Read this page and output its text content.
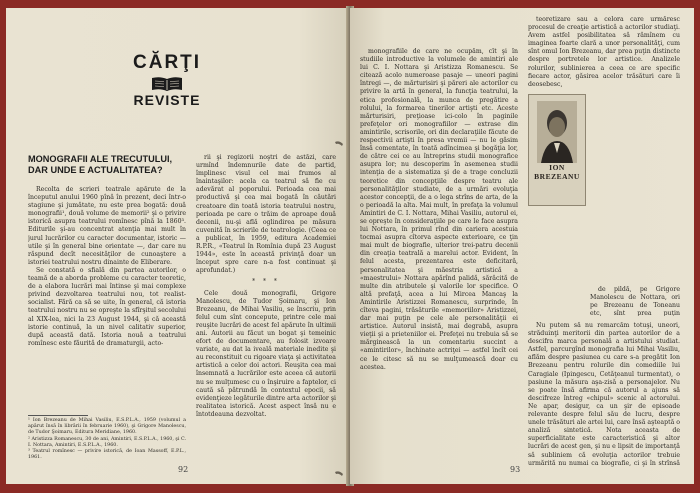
CĂRŢI
REVISTE
MONOGRAFII ALE TRECUTULUI, DAR UNDE E ACTUALITATEA?

Recolta de scrieri teatrale apărute de la începutul anului 1960 pînă în prezent, deci într-o stagiune şi jumătate, nu este prea bogată: două monografii¹, două volume de memorii² şi o privire istorică asupra teatrului romînesc pînă la 1860³. Editurile şi-au concentrat atenţia mai mult în jurul lucrărilor cu caracter documentar, istoric — utile şi în general bine orientate —, dar care nu răspund decît necesităţilor de cunoaştere a istoriei teatrului nostru dinainte de Eliberare.

Se constată o sfială din partea autorilor, o teamă de a aborda probleme cu caracter teoretic, de a elabora lucrări mai întinse şi mai complexe privind dezvoltarea teatrului nou, tot realist-socialist. Fără ca să se uite, în general, că istoria teatrului nostru nu se opreşte la sfîrşitul secolului al XIX-lea, nici la 23 August 1944, şi că această istorie continuă, la un nivel calitativ superior, după această dată. Istoria nouă a teatrului romînesc este făurită de dramaturgii, acto-

¹ Ion Brezeanu de Mihai Vasiliu, E.S.P.L.A., 1959 (volumul a apărut însă în librării în februarie 1960), şi Grigore Manolescu, de Tudor Şoimaru, Editura Meridiane, 1960.
² Aristizza Romanescu, 30 de ani, Amintiri, E.S.P.L.A., 1960, şi C. I. Nottara, Amintiri, E.S.P.L.A., 1960.
³ Teatrul romînesc — privire istorică, de Ioan Massoff, E.P.L., 1961.

rii şi regizorii noştri de astăzi, care urmînd îndemnurile date de partid, împlinesc visul cel mai frumos al înaintaşilor: acela ca teatrul să fie cu adevărat al poporului. Perioada cea mai productivă şi cea mai bogată în căutări creatoare din toată istoria teatrului nostru, perioada pe care o trăim de aproape două decenii, nu-şi află oglindirea pe măsura cuvenită în scrierile de teatrologie. (Ceea ce a publicat, în 1959, editura Academiei R.P.R., «Teatrul în Romînia după 23 August 1944», este în această privinţă doar un început spre care n-a fost continuat şi aprofundat.)

* * *

Cele două monografii, Grigore Manolescu, de Tudor Şoimaru, şi Ion Brezeanu, de Mihai Vasiliu, se înscriu, prin felul cum sînt concepute, printre cele mai reuşite lucrări de acest fel apărute în ultimii ani. Autorii au făcut un bogat şi temeinic efort de documentare, au folosit izvoare variate, au dat la iveală materiale inedite şi au reconstituit cu rigoare viaţa şi activitatea artistică a celor doi actori. Reuşita cea mai însemnată a lucrărilor este aceea că autorii nu se mulţumesc cu o înşiruire a faptelor, ci caută să pătrundă în contextul epocii, să evidenţieze legăturile dintre arta actorilor şi realitatea istorică. Acest aspect însă nu e întotdeauna dezvoltat.

92

monografiile de care ne ocupăm, cît şi în studiile introductive la volumele de amintiri ale lui C. I. Nottara şi Aristizza Romanescu. Se citează acolo numeroase pasaje — uneori pagini întregi —, de mărturisiri şi păreri ale actorilor cu privire la artă în general, la funcţia teatrului, la etica profesională, la munca de pregătire a rolului, la formarea tinerilor artişti etc. Aceste mărturisiri, preţioase ici-colo în paginile prefeţelor ori monografiilor — extrase din amintirile, scrisorile, ori din declaraţiile făcute de respectivii artişti în presa vremii — nu le găsim însă comentate, în toată adîncimea şi bogăţia lor, de către cei ce au întreprins studii monografice asupra lor; nu descoperim în asemenea studii intenţia de a sistematiza şi de a trage concluzii teoretice din concepţiile despre teatru ale personalităţilor studiate, de a urmări evoluţia acestor concepţii, de a o lega strîns de arta, de la o perioadă la alta. Mai mult, în prefaţa la volumul Amintiri de C. I. Nottara, Mihai Vasiliu, autorul ei, se opreşte în consideraţiile pe care le face asupra lui Nottara, în primul rînd din cariera acestuia tocmai asupra cîtorva aspecte exterioare, ce ţin mai mult de biografie, ulterior trei-patru decenii din creaţia teatrală a marelui actor. Evident, în felul acesta, prezentarea este deficitară, personalitatea şi măestria artistică a «maestrului» Nottara apărînd palidă, sărăcită de multe din atributele şi valorile lor specifice. O altă prefaţă, acea a lui Mircea Mancaş la Amintirile Aristizzei Romanescu, surprinde, în cîteva pagini, trăsăturile «memoriilor» Aristizzei, dar mai puţin pe cele ale personalităţii ei artistice. Autorul insistă, mai degrabă, asupra vieţii şi a prieteniilor ei. Prefeţei nu trebuia să se mărginească la un comentariu succint a «amintirilor», închinate actriţei — astfel încît cei ce le citesc să nu se mulţumească doar cu acestea.

ION BREZEANU

teoretizare sau a celora care urmăresc procesul de creaţie artistică a actorilor studiaţi. Avem astfel posibilitatea să rămînem cu imaginea foarte clară a unor personalităţi, cum sînt omul Ion Brezeanu, dar prea puţin distincte despre portretele lor artistice. Analizele rolurilor, sublinierea a ceea ce are specific fiecare actor, găsirea acelor trăsături care îi deosebesc,

de pildă, pe Grigore Manolescu de Nottara, ori pe Brezeanu de Toneanu etc, sînt prea puţin

Nu putem să nu remarcăm totuşi, uneori, străduinţi meritorii din partea autorilor de a descifra marca personală a artistului studiat. Astfel, parcurgînd monografia lui Mihai Vasiliu, aflăm despre pasiunea cu care s-a pregătit Ion Brezeanu pentru rolurile din comediile lui Caragiale (Ipingescu, Cetăţeanul turmentat), o pasiune la măsura aşa-zisă a personajelor. Nu se poate însă afirma că autorul a ajuns să descifreze întreg «chipul» scenic al actorului. Ne apar, desigur, ca un şir de episoade relevante despre felul său de lucru, despre unele trăsături ale artei lui, care însă aşteaptă o analiză sintetică. Nota aceasta de superficialitate este caracteristică şi altor lucrări de acest gen, şi nu e lipsit de importanţă să subliniem că evoluţia actorilor trebuie urmărită nu numai ca biografie, ci şi în strînsă

93
